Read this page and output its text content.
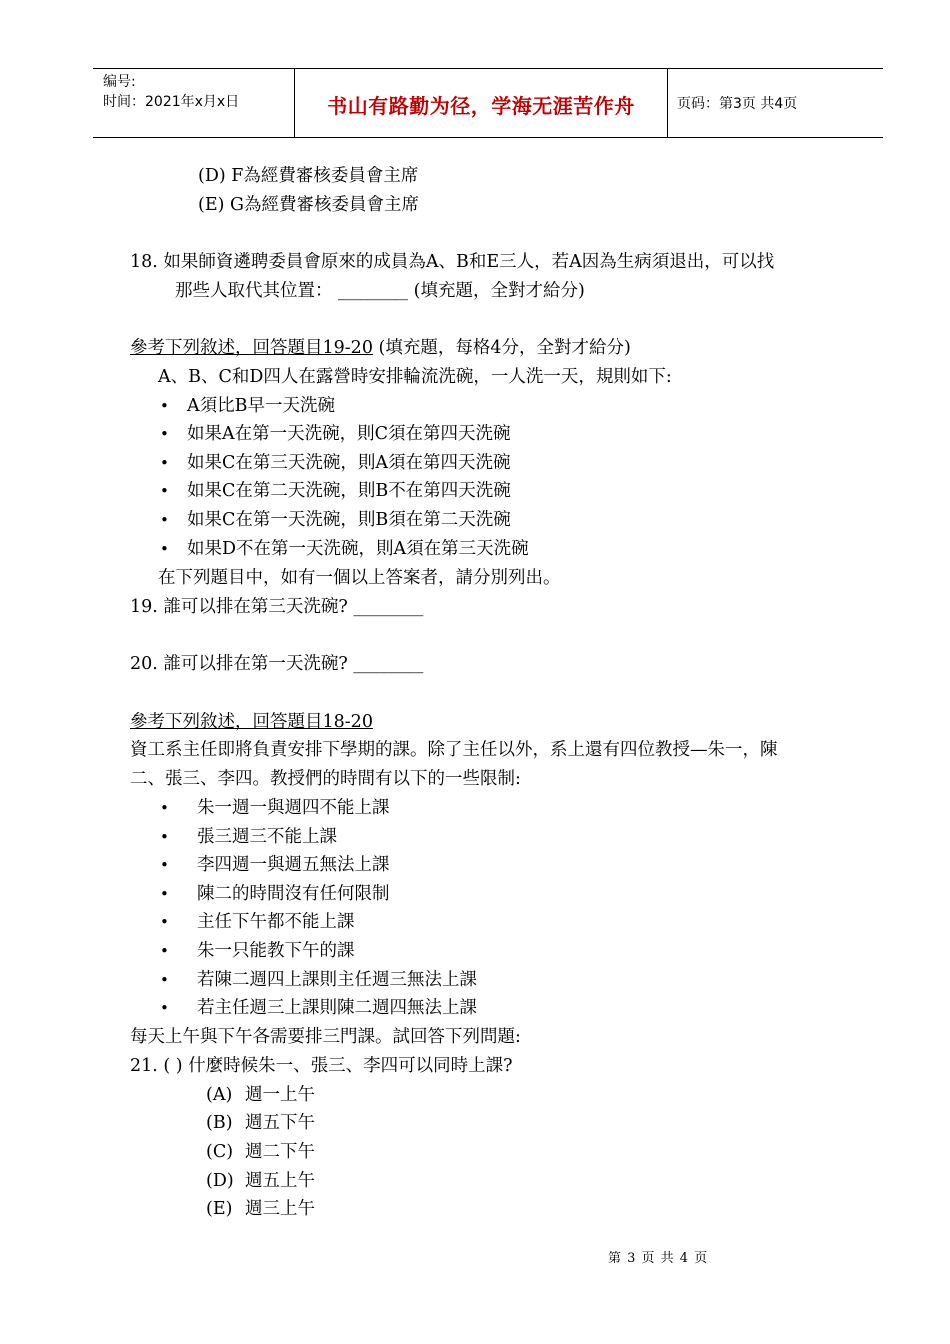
编号:
时间：2021年x月x日	书山有路勤为径，学海无涯苦作舟	页码：第3页 共4页
(D) F為經費審核委員會主席
(E) G為經費審核委員會主席
18. 如果師資遴聘委員會原來的成員為A、B和E三人，若A因為生病須退出，可以找
那些人取代其位置： ________ (填充題，全對才給分)
參考下列敘述，回答題目19-20 (填充題，每格4分，全對才給分)
A、B、C和D四人在露營時安排輪流洗碗，一人洗一天，規則如下:
• A須比B早一天洗碗
• 如果A在第一天洗碗，則C須在第四天洗碗
• 如果C在第三天洗碗，則A須在第四天洗碗
• 如果C在第二天洗碗，則B不在第四天洗碗
• 如果C在第一天洗碗，則B須在第二天洗碗
• 如果D不在第一天洗碗，則A須在第三天洗碗
在下列題目中，如有一個以上答案者，請分別列出。
19. 誰可以排在第三天洗碗? ________
20. 誰可以排在第一天洗碗? ________
參考下列敘述，回答題目18-20
資工系主任即將負責安排下學期的課。除了主任以外，系上還有四位教授—朱一，陳
二、張三、李四。教授們的時間有以下的一些限制:
• 朱一週一與週四不能上課
• 張三週三不能上課
• 李四週一與週五無法上課
• 陳二的時間沒有任何限制
• 主任下午都不能上課
• 朱一只能教下午的課
• 若陳二週四上課則主任週三無法上課
• 若主任週三上課則陳二週四無法上課
每天上午與下午各需要排三門課。試回答下列問題:
21. ( ) 什麼時候朱一、張三、李四可以同時上課?
(A) 週一上午
(B) 週五下午
(C) 週二下午
(D) 週五上午
(E) 週三上午
第 3 页 共 4 页
